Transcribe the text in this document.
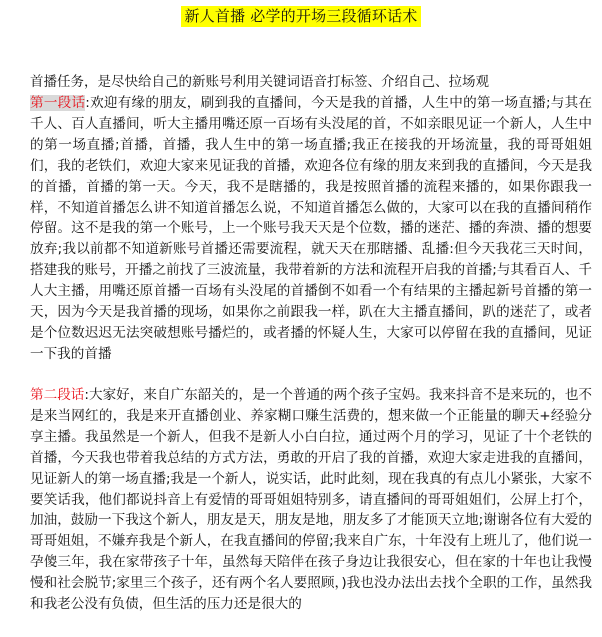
新人首播 必学的开场三段循环话术
首播任务，是尽快给自己的新账号利用关键词语音打标签、介绍自己、拉场观
第一段话:欢迎有缘的朋友，刷到我的直播间，今天是我的首播，人生中的第一场直播;与其在千人、百人直播间，听大主播用嘴还原一百场有头没尾的首，不如亲眼见证一个新人，人生中的第一场直播;首播，首播，我人生中的第一场直播;我正在接我的开场流量，我的哥哥姐姐们，我的老铁们，欢迎大家来见证我的首播，欢迎各位有缘的朋友来到我的直播间，今天是我的首播，首播的第一天。今天，我不是瞎播的，我是按照首播的流程来播的，如果你跟我一样，不知道首播怎么讲不知道首播怎么说，不知道首播怎么做的，大家可以在我的直播间稍作停留。这不是我的第一个账号，上一个账号我天天是个位数，播的迷茫、播的奔溃、播的想要放弃;我以前都不知道新账号首播还需要流程，就天天在那瞎播、乱播:但今天我花三天时间，搭建我的账号，开播之前找了三波流量，我带着新的方法和流程开启我的首播;与其看百人、千人大主播，用嘴还原首播一百场有头没尾的首播倒不如看一个有结果的主播起新号首播的第一天，因为今天是我首播的现场，如果你之前跟我一样，趴在大主播直播间，趴的迷茫了，或者是个位数迟迟无法突破想账号播烂的，或者播的怀疑人生，大家可以停留在我的直播间，见证一下我的首播
第二段话:大家好，来自广东韶关的，是一个普通的两个孩子宝妈。我来抖音不是来玩的，也不是来当网红的，我是来开直播创业、养家糊口赚生活费的，想来做一个正能量的聊天+经验分享主播。我虽然是一个新人，但我不是新人小白白拉，通过两个月的学习，见证了十个老铁的首播，今天我也带着我总结的方式方法，勇敢的开启了我的首播，欢迎大家走进我的直播间，见证新人的第一场直播;我是一个新人，说实话，此时此刻，现在我真的有点儿小紧张，大家不要笑话我，他们都说抖音上有爱情的哥哥姐姐特别多，请直播间的哥哥姐姐们，公屏上打个，加油，鼓励一下我这个新人，朋友是天，朋友是地，朋友多了才能顶天立地;谢谢各位有大爱的哥哥姐姐，不嫌弃我是个新人，在我直播间的停留;我来自广东，十年没有上班儿了，他们说一孕傻三年，我在家带孩子十年，虽然每天陪伴在孩子身边让我很安心，但在家的十年也让我慢慢和社会脱节;家里三个孩子，还有两个名人要照顾，)我也没办法出去找个全职的工作，虽然我和我老公没有负债，但生活的压力还是很大的
